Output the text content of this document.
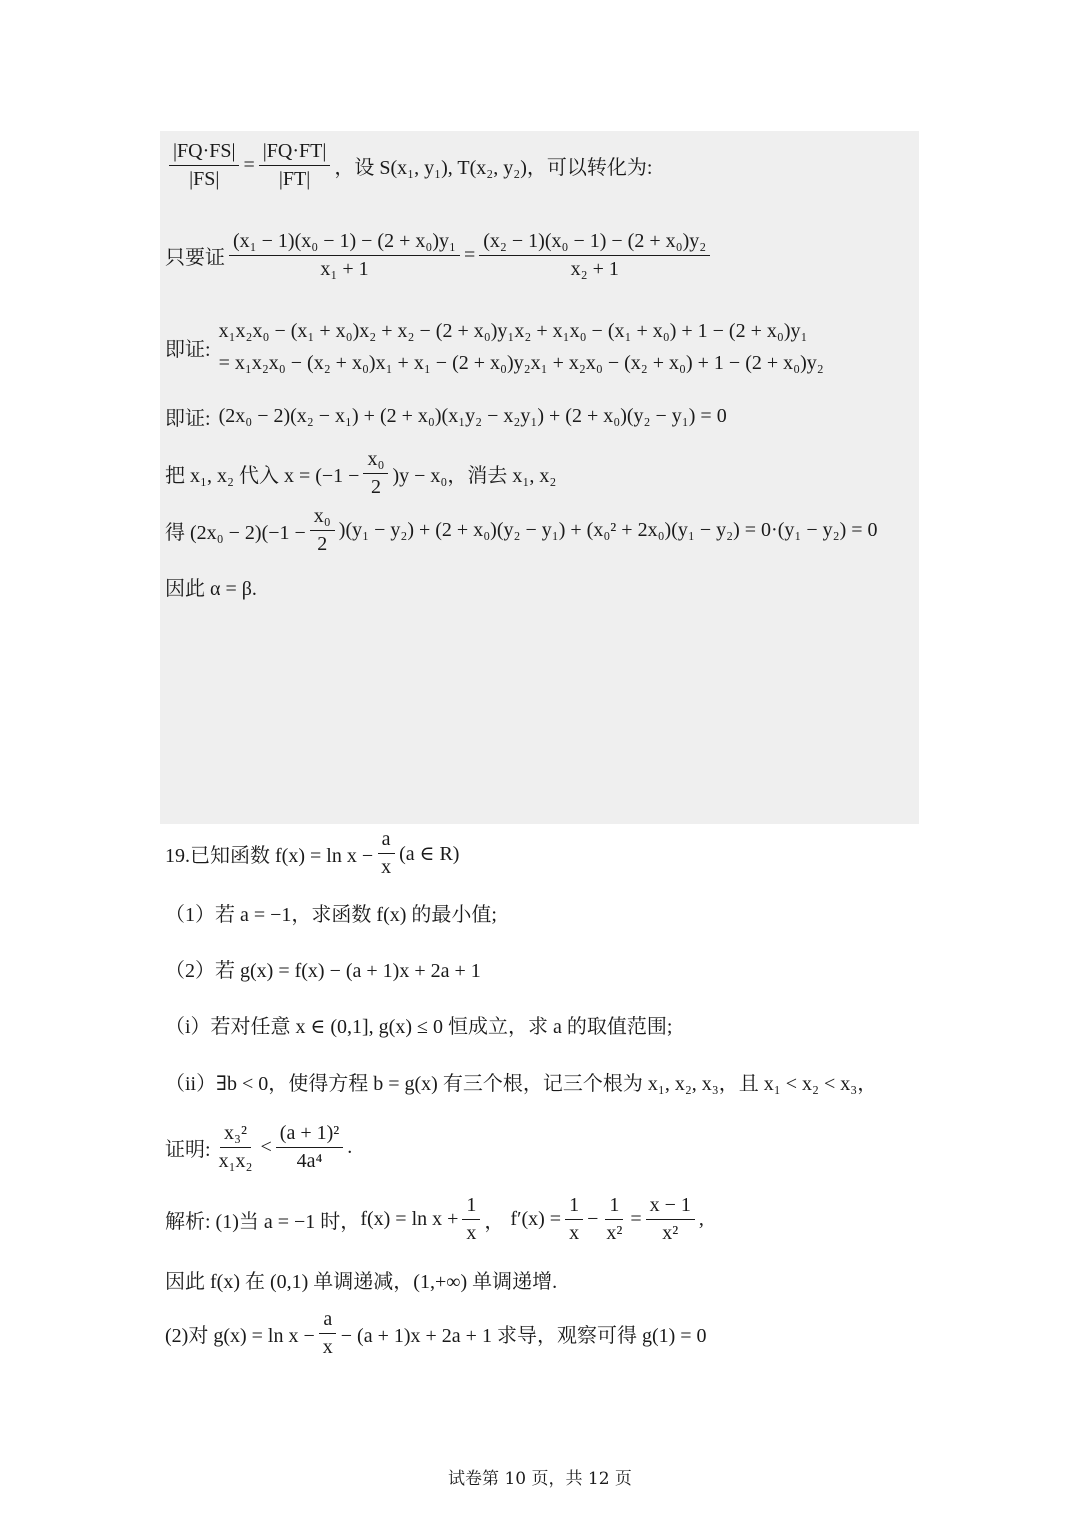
$\frac{|FQ\cdot FS|}{|FS|} = \frac{|FQ\cdot FT|}{|FT|}$ ，设 S(x₁, y₁), T(x₂, y₂)，可以转化为:
只要证 $\frac{\text{(x₁ − 1)(x₀ − 1) − (2 + x₀)y₁}}{\text{x₁ + 1}} = \frac{\text{(x₂ − 1)(x₀ − 1) − (2 + x₀)y₂}}{\text{x₂ + 1}}$
即证:
x₁x₂x₀ − (x₁ + x₀)x₂ + x₂ − (2 + x₀)y₁x₂ + x₁x₀ − (x₁ + x₀) + 1 − (2 + x₀)y₁
= x₁x₂x₀ − (x₂ + x₀)x₁ + x₁ − (2 + x₀)y₂x₁ + x₂x₀ − (x₂ + x₀) + 1 − (2 + x₀)y₂
即证: (2x₀ − 2)(x₂ − x₁) + (2 + x₀)(x₁y₂ − x₂y₁) + (2 + x₀)(y₂ − y₁) = 0
把 x₁, x₂ 代入 $x = (-1 - \frac{\text{x₀}}{2} )y - x_0$，消去 x₁, x₂
得 $(2x_0 - 2)(-1 - \frac{\text{x₀}}{2} )(y_1 - y_2) + (2 + x_0)(y_2 - y_1) + (x_0^2 + 2x_0)(y_1 - y_2) = 0\cdot(y_1 - y_2) = 0$
因此 α = β.
19.已知函数 $f(x) = \ln x - \frac{a}{x} (a$ ∈ R)
（1）若 a = −1，求函数 f(x) 的最小值;
（2）若 g(x) = f(x) − (a + 1)x + 2a + 1
（i）若对任意 x ∈ (0,1], g(x) ≤ 0 恒成立，求 a 的取值范围;
（ii）∃b < 0，使得方程 b = g(x) 有三个根，记三个根为 x₁, x₂, x₃，且 x₁ < x₂ < x₃，
证明: $\frac{\text{x₃²}}{\text{x₁x₂}} < \frac{\text{(a + 1)²}}{\text{4a⁴}}$ .
解析: (1)当 a = −1 时， $f(x) = \ln x + \frac{1}{x}$ ， $f'(x) = \frac{1}{x} - \frac{1}{\text{x²}} = \frac{x - 1}{\text{x²}}$ ,
因此 f(x) 在 (0,1) 单调递减，(1,+∞) 单调递增.
(2)对 $g(x) = \ln x - \frac{a}{x} - (a + 1)x + 2a + 1$ 求导，观察可得 g(1) = 0
试卷第 10 页，共 12 页
